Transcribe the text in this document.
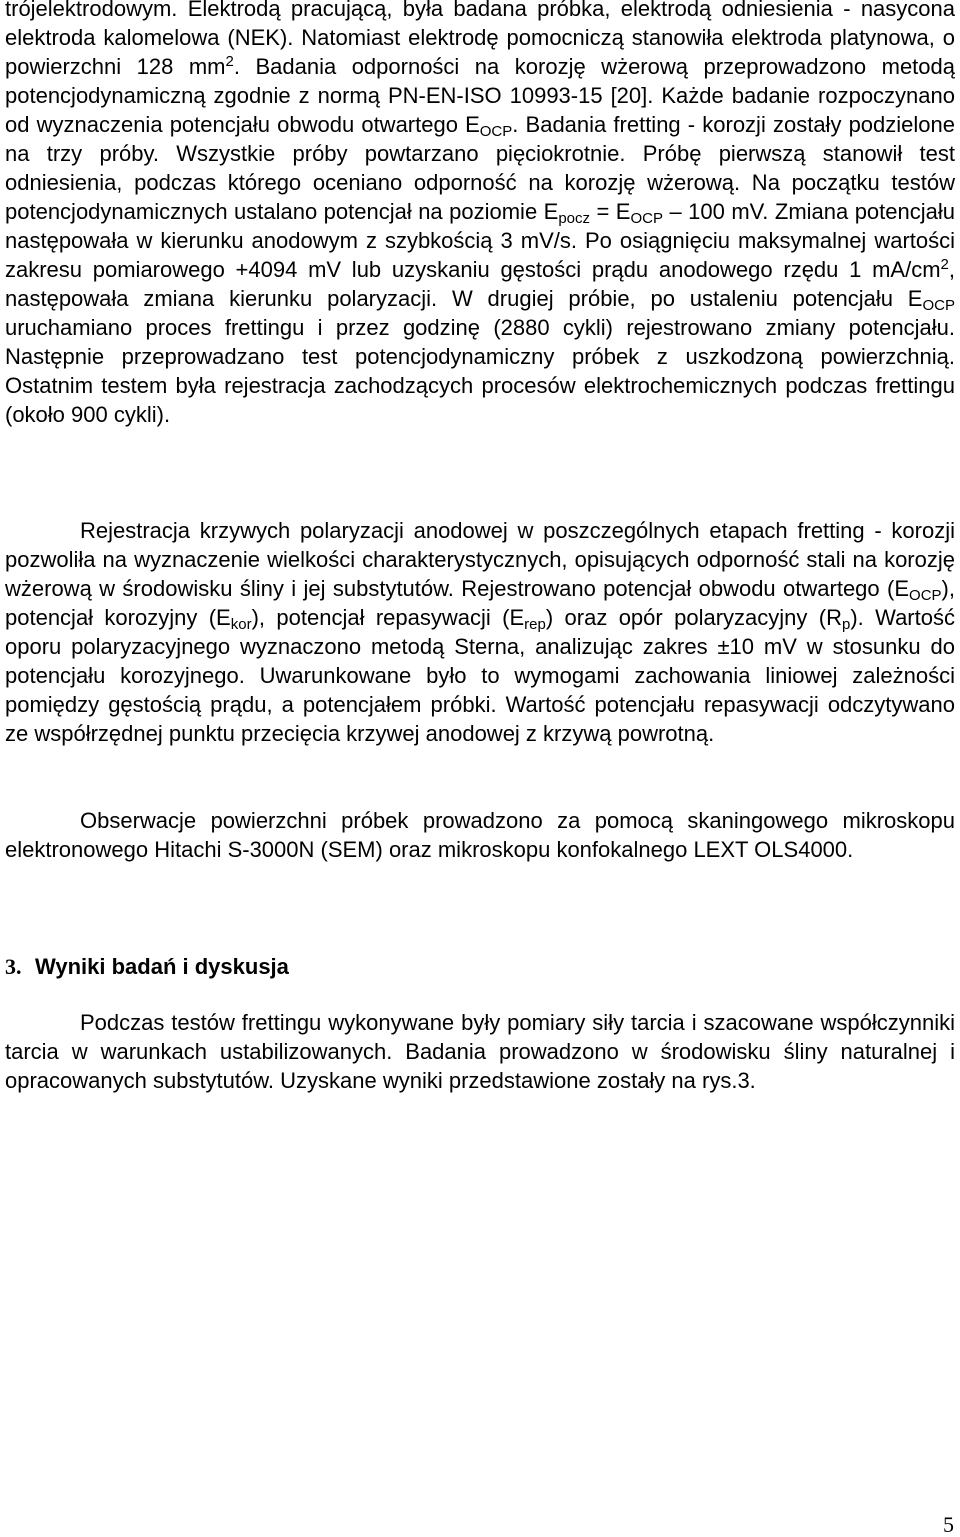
trójelektrodowym. Elektrodą pracującą, była badana próbka, elektrodą odniesienia - nasycona elektroda kalomelowa (NEK). Natomiast elektrodę pomocniczą stanowiła elektroda platynowa, o powierzchni 128 $mm^2$. Badania odporności na korozję wżerową przeprowadzono metodą potencjodynamiczną zgodnie z normą PN-EN-ISO 10993-15 [20]. Każde badanie rozpoczynano od wyznaczenia potencjału obwodu otwartego $E_{OCP}$. Badania fretting - korozji zostały podzielone na trzy próby. Wszystkie próby powtarzano pięciokrotnie. Próbę pierwszą stanowił test odniesienia, podczas którego oceniano odporność na korozję wżerową. Na początku testów potencjodynamicznych ustalano potencjał na poziomie $E_{pocz} = E_{OCP} - 100$ mV. Zmiana potencjału następowała w kierunku anodowym z szybkością 3 mV/s. Po osiągnięciu maksymalnej wartości zakresu pomiarowego +4094 mV lub uzyskaniu gęstości prądu anodowego rzędu 1 $mA/cm^2$, następowała zmiana kierunku polaryzacji. W drugiej próbie, po ustaleniu potencjału $E_{OCP}$ uruchamiano proces frettingu i przez godzinę (2880 cykli) rejestrowano zmiany potencjału. Następnie przeprowadzano test potencjodynamiczny próbek z uszkodzoną powierzchnią. Ostatnim testem była rejestracja zachodzących procesów elektrochemicznych podczas frettingu (około 900 cykli).

Rejestracja krzywych polaryzacji anodowej w poszczególnych etapach fretting - korozji pozwoliła na wyznaczenie wielkości charakterystycznych, opisujących odporność stali na korozję wżerową w środowisku śliny i jej substytutów. Rejestrowano potencjał obwodu otwartego $(E_{OCP})$, potencjał korozyjny $(E_{kor})$, potencjał repasywacji $(E_{rep})$ oraz opór polaryzacyjny $(R_p)$. Wartość oporu polaryzacyjnego wyznaczono metodą Sterna, analizując zakres ±10 mV w stosunku do potencjału korozyjnego. Uwarunkowane było to wymogami zachowania liniowej zależności pomiędzy gęstością prądu, a potencjałem próbki. Wartość potencjału repasywacji odczytywano ze współrzędnej punktu przecięcia krzywej anodowej z krzywą powrotną.

Obserwacje powierzchni próbek prowadzono za pomocą skaningowego mikroskopu elektronowego Hitachi S-3000N (SEM) oraz mikroskopu konfokalnego LEXT OLS4000.

3. Wyniki badań i dyskusja

Podczas testów frettingu wykonywane były pomiary siły tarcia i szacowane współczynniki tarcia w warunkach ustabilizowanych. Badania prowadzono w środowisku śliny naturalnej i opracowanych substytutów. Uzyskane wyniki przedstawione zostały na rys.3.

5
